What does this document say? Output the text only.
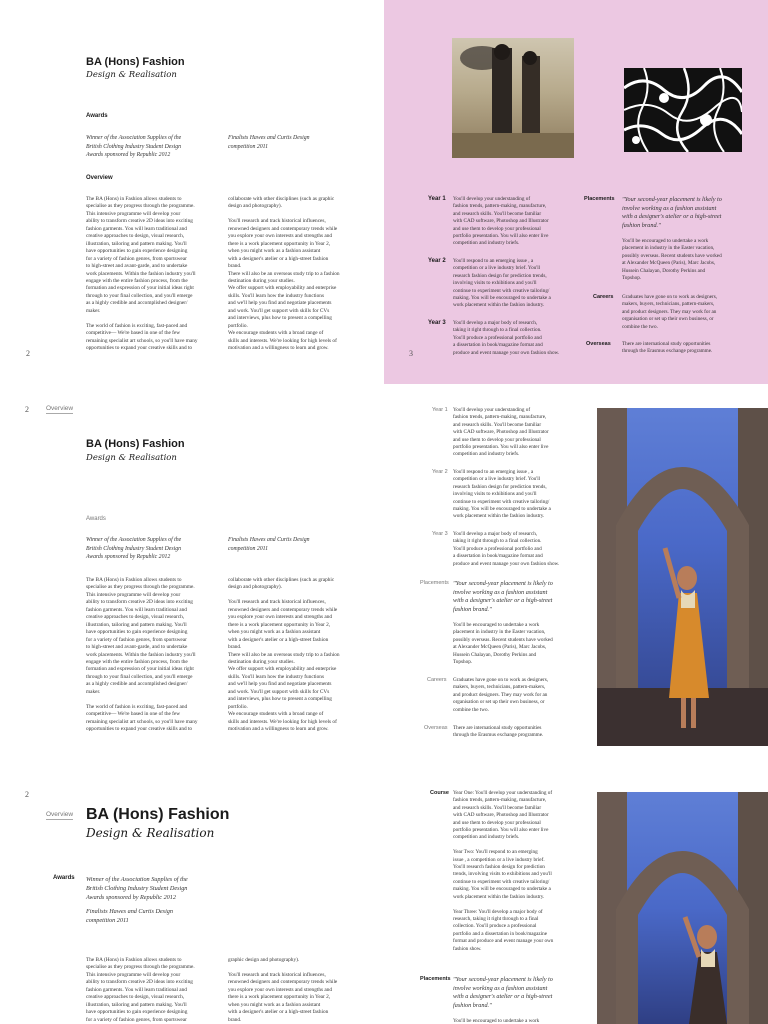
BA (Hons) Fashion
Design & Realisation
Awards
Winner of the Association Supplies of the
British Clothing Industry Student Design
Awards sponsored by Republic 2012
Finalists Hawes and Curtis Design
competition 2011
Overview
The BA (Hons) in Fashion allows students to
specialise as they progress through the programme.
This intensive programme will develop your
ability to transform creative 2D ideas into exciting
fashion garments. You will learn traditional and
creative approaches to design, visual research,
illustration, tailoring and pattern making. You'll
have opportunities to gain experience designing
for a variety of fashion genres, from sportswear
to high-street and avant-garde, and to undertake
work placements. Within the fashion industry you'll
engage with the entire fashion process, from the
formation and expression of your initial ideas right
through to your final collection, and you'll emerge
as a highly credible and accomplished designer/
maker.

The world of fashion is exciting, fast-paced and
competitive— We're based in one of the few
remaining specialist art schools, so you'll have many
opportunities to expand your creative skills and to
collaborate with other disciplines (such as graphic
design and photography).

You'll research and track historical influences,
renowned designers and contemporary trends while
you explore your own interests and strengths and
there is a work placement opportunity in Year 2,
when you might work as a fashion assistant
with a designer's atelier or a high-street fashion
brand.
There will also be an overseas study trip to a fashion
destination during your studies.
We offer support with employability and enterprise
skills. You'll learn how the industry functions
and we'll help you find and negotiate placements
and work. You'll get support with skills for CVs
and interviews, plus how to present a compelling
portfolio.
We encourage students with a broad range of
skills and interests. We're looking for high levels of
motivation and a willingness to learn and grow.
2	3
Year 1 You'll develop your understanding of
fashion trends, pattern-making, manufacture,
and research skills. You'll become familiar
with CAD software, Photoshop and Illustrator
and use them to develop your professional
portfolio presentation. You will also enter live
competition and industry briefs.
Year 2 You'll respond to an emerging issue , a
competition or a live industry brief. You'll
research fashion design for prediction trends,
involving visits to exhibitions and you'll
continue to experiment with creative tailoring/
making. You will be encouraged to undertake a
work placement within the fashion industry.
Year 3 You'll develop a major body of research,
taking it right through to a final collection.
You'll produce a professional portfolio and
a dissertation in book/magazine format and
produce and event manage your own fashion show.
Placements "Your second-year placement is likely to
involve working as a fashion assistant
with a designer's atelier or a high-street
fashion brand."
You'll be encouraged to undertake a work
placement in industry in the Easter vacation,
possibly overseas. Recent students have worked
at Alexander McQueen (Paris), Marc Jacobs,
Hussein Chalayan, Dorothy Perkins and
Topshop.
Careers Graduates have gone on to work as designers,
makers, buyers, technicians, pattern-makers,
and product designers. They may work for an
organisation or set up their own business, or
combine the two.
Overseas There are international study opportunities
through the Erasmus exchange programme.
2	Overview
BA (Hons) Fashion
Design & Realisation
Awards
Winner of the Association Supplies of the
British Clothing Industry Student Design
Awards sponsored by Republic 2012
Finalists Hawes and Curtis Design
competition 2011
The BA (Hons) in Fashion allows students to
specialise as they progress through the programme.
This intensive programme will develop your
ability to transform creative 2D ideas into exciting
fashion garments. You will learn traditional and
creative approaches to design, visual research,
illustration, tailoring and pattern making. You'll
have opportunities to gain experience designing
for a variety of fashion genres, from sportswear
to high-street and avant-garde, and to undertake
work placements. Within the fashion industry you'll
engage with the entire fashion process, from the
formation and expression of your initial ideas right
through to your final collection, and you'll emerge
as a highly credible and accomplished designer/
maker.

The world of fashion is exciting, fast-paced and
competitive— We're based in one of the few
remaining specialist art schools, so you'll have many
opportunities to expand your creative skills and to
collaborate with other disciplines (such as graphic
design and photography).

You'll research and track historical influences,
renowned designers and contemporary trends while
you explore your own interests and strengths and
there is a work placement opportunity in Year 2,
when you might work as a fashion assistant
with a designer's atelier or a high-street fashion
brand.
There will also be an overseas study trip to a fashion
destination during your studies.
We offer support with employability and enterprise
skills. You'll learn how the industry functions
and we'll help you find and negotiate placements
and work. You'll get support with skills for CVs
and interviews, plus how to present a compelling
portfolio.
We encourage students with a broad range of
skills and interests. We're looking for high levels of
motivation and a willingness to learn and grow.
Year 1 You'll develop your understanding of
fashion trends, pattern-making, manufacture,
and research skills. You'll become familiar
with CAD software, Photoshop and Illustrator
and use them to develop your professional
portfolio presentation. You will also enter live
competition and industry briefs.
Year 2 You'll respond to an emerging issue , a
competition or a live industry brief. You'll
research fashion design for prediction trends,
involving visits to exhibitions and you'll
continue to experiment with creative tailoring/
making. You will be encouraged to undertake a
work placement within the fashion industry.
Year 3 You'll develop a major body of research,
taking it right through to a final collection.
You'll produce a professional portfolio and
a dissertation in book/magazine format and
produce and event manage your own fashion show.
Placements "Your second-year placement is likely to
involve working as a fashion assistant
with a designer's atelier or a high-street
fashion brand."
You'll be encouraged to undertake a work
placement in industry in the Easter vacation,
possibly overseas. Recent students have worked
at Alexander McQueen (Paris), Marc Jacobs,
Hussein Chalayan, Dorothy Perkins and
Topshop.
Careers Graduates have gone on to work as designers,
makers, buyers, technicians, pattern-makers,
and product designers. They may work for an
organisation or set up their own business, or
combine the two.
Overseas There are international study opportunities
through the Erasmus exchange programme.
2
Overview BA (Hons) Fashion
Design & Realisation
Awards Winner of the Association Supplies of the
British Clothing Industry Student Design
Awards sponsored by Republic 2012
Finalists Hawes and Curtis Design
competition 2011
The BA (Hons) in Fashion allows students to
specialise as they progress through the programme.
This intensive programme will develop your
ability to transform creative 2D ideas into exciting
fashion garments. You will learn traditional and
creative approaches to design, visual research,
illustration, tailoring and pattern making. You'll
have opportunities to gain experience designing
for a variety of fashion genres, from sportswear
graphic design and photography).

You'll research and track historical influences,
renowned designers and contemporary trends while
you explore your own interests and strengths and
there is a work placement opportunity in Year 2,
when you might work as a fashion assistant
with a designer's atelier or a high-street fashion
brand.
Course Year One: You'll develop your understanding of
fashion trends, pattern-making, manufacture,
and research skills. You'll become familiar
with CAD software, Photoshop and Illustrator
and use them to develop your professional
portfolio presentation. You will also enter live
competition and industry briefs.

Year Two: You'll respond to an emerging
issue , a competition or a live industry brief.
You'll research fashion design for prediction
trends, involving visits to exhibitions and you'll
continue to experiment with creative tailoring/
making. You will be encouraged to undertake a
work placement within the fashion industry.

Year Three: You'll develop a major body of
research, taking it right through to a final
collection. You'll produce a professional
portfolio and a dissertation in book/magazine
format and produce and event manage your own
fashion show.
Placements "Your second-year placement is likely to
involve working as a fashion assistant
with a designer's atelier or a high-street
fashion brand."
You'll be encouraged to undertake a work
